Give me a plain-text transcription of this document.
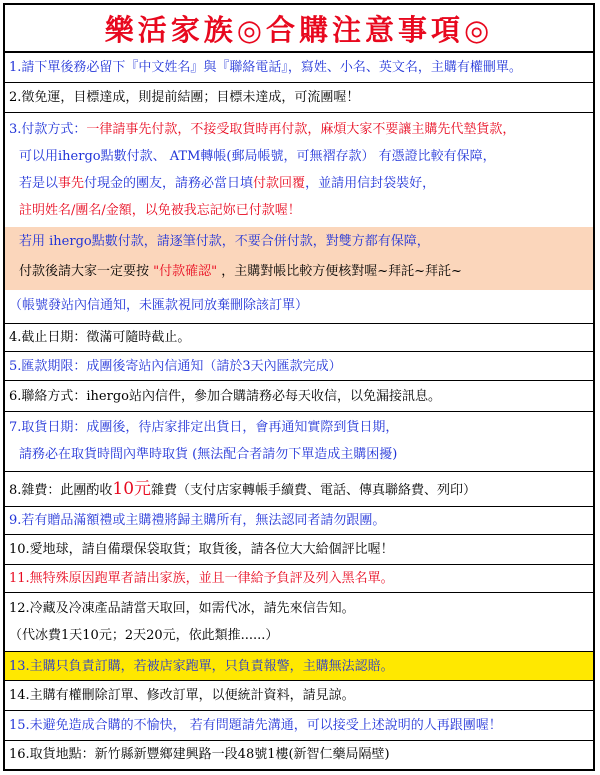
樂活家族◎合購注意事項◎
1.請下單後務必留下『中文姓名』與『聯絡電話』，寫姓、小名、英文名，主購有權刪單。
2.徵免運，目標達成，則提前結團；目標未達成，可流團喔！
3.付款方式：一律請事先付款，不接受取貨時再付款，麻煩大家不要讓主購先代墊貨款，
可以用ihergo點數付款、 ATM轉帳(郵局帳號，可無褶存款） 有憑證比較有保障，
若是以事先付現金的團友，請務必當日填付款回覆，並請用信封袋裝好，
註明姓名/團名/金額，以免被我忘記妳已付款喔！
若用 ihergo點數付款，請逐筆付款，不要合併付款，對雙方都有保障，
付款後請大家一定要按 "付款確認" ，主購對帳比較方便核對喔~拜託~拜託~
（帳號發站內信通知，未匯款視同放棄刪除該訂單）
4.截止日期：徵滿可隨時截止。
5.匯款期限：成團後寄站內信通知（請於3天內匯款完成）
6.聯絡方式：ihergo站內信件，參加合購請務必每天收信，以免漏接訊息。
7.取貨日期：成團後，待店家排定出貨日，會再通知實際到貨日期，
請務必在取貨時間內準時取貨 (無法配合者請勿下單造成主購困擾)
8.雜費：此團酌收10元雜費（支付店家轉帳手續費、電話、傳真聯絡費、列印）
9.若有贈品滿額禮或主購禮將歸主購所有，無法認同者請勿跟團。
10.愛地球，請自備環保袋取貨；取貨後，請各位大大給個評比喔！
11.無特殊原因跑單者請出家族，並且一律給予負評及列入黑名單。
12.冷藏及冷凍產品請當天取回，如需代冰，請先來信告知。
（代冰費1天10元；2天20元，依此類推......）
13.主購只負責訂購，若被店家跑單，只負責報警，主購無法認賠。
14.主購有權刪除訂單、修改訂單，以便統計資料，請見諒。
15.未避免造成合購的不愉快， 若有問題請先溝通，可以接受上述說明的人再跟團喔！
16.取貨地點：新竹縣新豐鄉建興路一段48號1樓(新智仁藥局隔壁)
